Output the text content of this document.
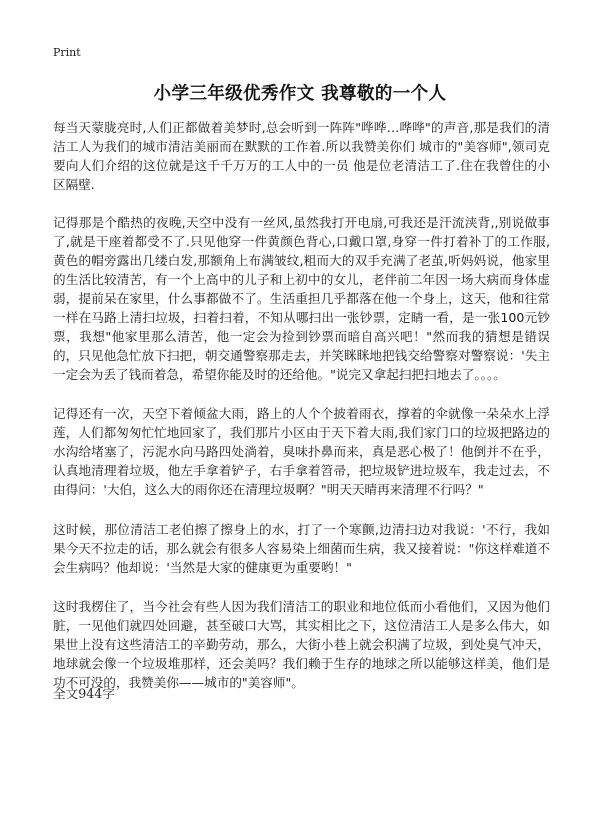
Print
小学三年级优秀作文 我尊敬的一个人

每当天蒙胧亮时,人们正都做着美梦时,总会听到一阵阵"哗哗…哗哗"的声音,那是我们的清洁工人为我们的城市清洁美丽而在默默的工作着.所以我赞美你们 城市的"美容师",领司克要向人们介绍的这位就是这千千万万的工人中的一员 他是位老清洁工了.住在我曾住的小区隔壁.

记得那是个酷热的夜晚,天空中没有一丝风,虽然我打开电扇,可我还是汗流浃背,,别说做事了,就是干座着都受不了.只见他穿一件黄颜色背心,口戴口罩,身穿一件打着补丁的工作服,黄色的帽旁露出几缕白发,那额角上布满皱纹,粗而大的双手充满了老茧,听妈妈说，他家里的生活比较清苦，有一个上高中的儿子和上初中的女儿，老伴前二年因一场大病而身体虚弱，提前呆在家里，什么事都做不了。生活重担几乎都落在他一个身上，这天，他和往常一样在马路上清扫垃圾，扫着扫着，不知从哪扫出一张钞票，定睛一看，是一张100元钞票，我想"他家里那么清苦，他一定会为捡到钞票而暗自高兴吧！"然而我的猜想是错误的，只见他急忙放下扫把，朝交通警察那走去，并笑眯眯地把钱交给警察对警察说：'失主一定会为丢了钱而着急，希望你能及时的还给他。"说完又拿起扫把扫地去了。。。。

记得还有一次，天空下着倾盆大雨，路上的人个个披着雨衣，撑着的伞就像一朵朵水上浮莲，人们都匆匆忙忙地回家了，我们那片小区由于天下着大雨,我们家门口的垃圾把路边的水沟给堵塞了，污泥水向马路四处淌着，臭味扑鼻而来，真是恶心极了！他倒并不在乎，认真地清理着垃圾，他左手拿着铲子，右手拿着笤帚，把垃圾铲进垃圾车，我走过去，不由得问：'大伯，这么大的雨你还在清理垃圾啊？"明天天晴再来清理不行吗？"

这时候，那位清洁工老伯擦了擦身上的水，打了一个寒颤,边清扫边对我说：'不行，我如果今天不拉走的话，那么就会有很多人容易染上细菌而生病，我又接着说："你这样难道不会生病吗？他却说：'当然是大家的健康更为重要哟！"

这时我楞住了，当今社会有些人因为我们清洁工的职业和地位低而小看他们，又因为他们脏，一见他们就四处回避，甚至破口大骂，其实相比之下，这位清洁工人是多么伟大，如果世上没有这些清洁工的辛勤劳动，那么，大街小巷上就会积满了垃圾，到处臭气冲天，地球就会像一个垃圾堆那样，还会美吗？我们赖于生存的地球之所以能够这样美，他们是功不可没的，我赞美你——城市的"美容师"。

全文944字
